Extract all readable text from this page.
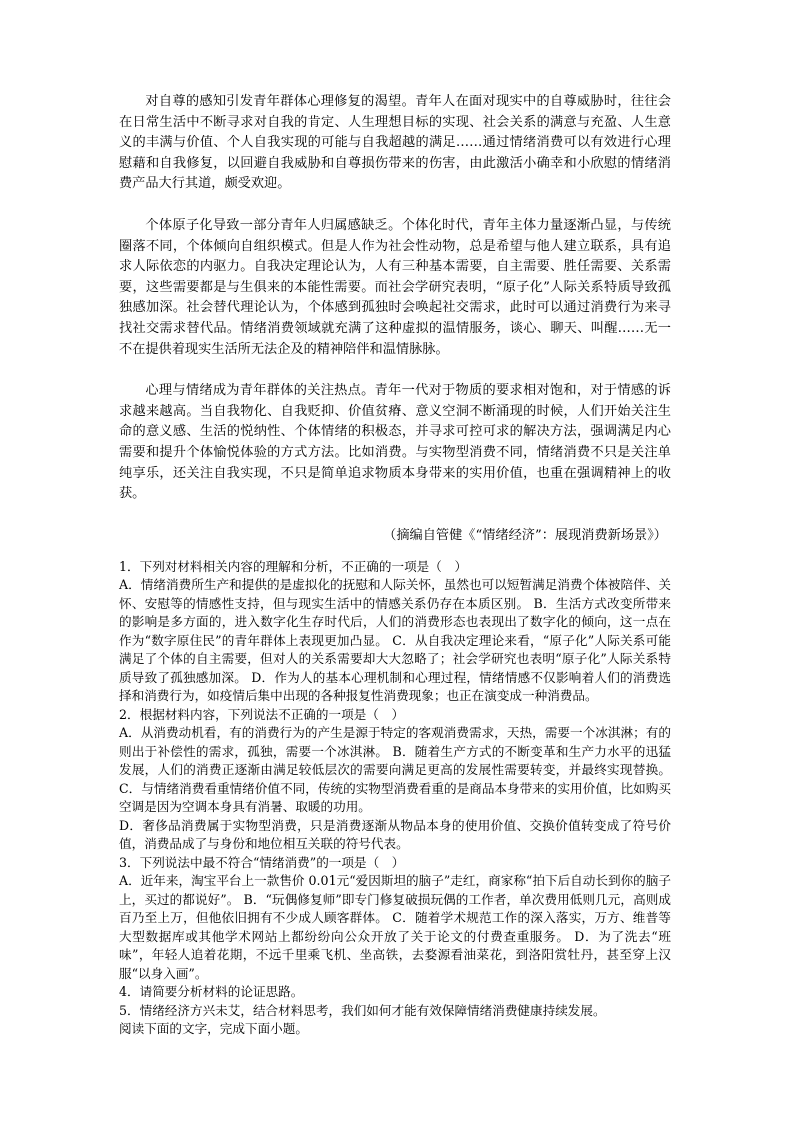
对自尊的感知引发青年群体心理修复的渴望。青年人在面对现实中的自尊威胁时，往往会在日常生活中不断寻求对自我的肯定、人生理想目标的实现、社会关系的满意与充盈、人生意义的丰满与价值、个人自我实现的可能与自我超越的满足……通过情绪消费可以有效进行心理慰藉和自我修复，以回避自我威胁和自尊损伤带来的伤害，由此激活小确幸和小欣慰的情绪消费产品大行其道，颇受欢迎。

个体原子化导致一部分青年人归属感缺乏。个体化时代，青年主体力量逐渐凸显，与传统圈落不同，个体倾向自组织模式。但是人作为社会性动物，总是希望与他人建立联系，具有追求人际依恋的内驱力。自我决定理论认为，人有三种基本需要，自主需要、胜任需要、关系需要，这些需要都是与生俱来的本能性需要。而社会学研究表明，“原子化”人际关系特质导致孤独感加深。社会替代理论认为，个体感到孤独时会唤起社交需求，此时可以通过消费行为来寻找社交需求替代品。情绪消费领域就充满了这种虚拟的温情服务，谈心、聊天、叫醒……无一不在提供着现实生活所无法企及的精神陪伴和温情脉脉。

心理与情绪成为青年群体的关注热点。青年一代对于物质的要求相对饱和，对于情感的诉求越来越高。当自我物化、自我贬抑、价值贫瘠、意义空洞不断涌现的时候，人们开始关注生命的意义感、生活的悦纳性、个体情绪的积极态，并寻求可控可求的解决方法，强调满足内心需要和提升个体愉悦体验的方式方法。比如消费。与实物型消费不同，情绪消费不只是关注单纯享乐，还关注自我实现，不只是简单追求物质本身带来的实用价值，也重在强调精神上的收获。

（摘编自管健《“情绪经济”：展现消费新场景》）

1．下列对材料相关内容的理解和分析，不正确的一项是（　）

A．情绪消费所生产和提供的是虚拟化的抚慰和人际关怀，虽然也可以短暂满足消费个体被陪伴、关怀、安慰等的情感性支持，但与现实生活中的情感关系仍存在本质区别。 B．生活方式改变所带来的影响是多方面的，进入数字化生存时代后，人们的消费形态也表现出了数字化的倾向，这一点在作为“数字原住民”的青年群体上表现更加凸显。 C．从自我决定理论来看，“原子化”人际关系可能满足了个体的自主需要，但对人的关系需要却大大忽略了；社会学研究也表明“原子化”人际关系特质导致了孤独感加深。 D．作为人的基本心理机制和心理过程，情绪情感不仅影响着人们的消费选择和消费行为，如疫情后集中出现的各种报复性消费现象；也正在演变成一种消费品。

2．根据材料内容，下列说法不正确的一项是（　）

A．从消费动机看，有的消费行为的产生是源于特定的客观消费需求，天热，需要一个冰淇淋；有的则出于补偿性的需求，孤独，需要一个冰淇淋。 B．随着生产方式的不断变革和生产力水平的迅猛发展，人们的消费正逐渐由满足较低层次的需要向满足更高的发展性需要转变，并最终实现替换。 C．与情绪消费看重情绪价值不同，传统的实物型消费看重的是商品本身带来的实用价值，比如购买空调是因为空调本身具有消暑、取暖的功用。

D．奢侈品消费属于实物型消费，只是消费逐渐从物品本身的使用价值、交换价值转变成了符号价值，消费品成了与身份和地位相互关联的符号代表。

3．下列说法中最不符合“情绪消费”的一项是（　）

A．近年来，淘宝平台上一款售价 0.01元“爱因斯坦的脑子”走红，商家称“拍下后自动长到你的脑子上，买过的都说好”。 B．“玩偶修复师”即专门修复破损玩偶的工作者，单次费用低则几元，高则成百乃至上万，但他依旧拥有不少成人顾客群体。 C．随着学术规范工作的深入落实，万方、维普等大型数据库或其他学术网站上都纷纷向公众开放了关于论文的付费查重服务。 D．为了洗去“班味”，年轻人追着花期，不远千里乘飞机、坐高铁，去婺源看油菜花，到洛阳赏牡丹，甚至穿上汉服“以身入画”。

4．请简要分析材料的论证思路。

5．情绪经济方兴未艾，结合材料思考，我们如何才能有效保障情绪消费健康持续发展。

阅读下面的文字，完成下面小题。
